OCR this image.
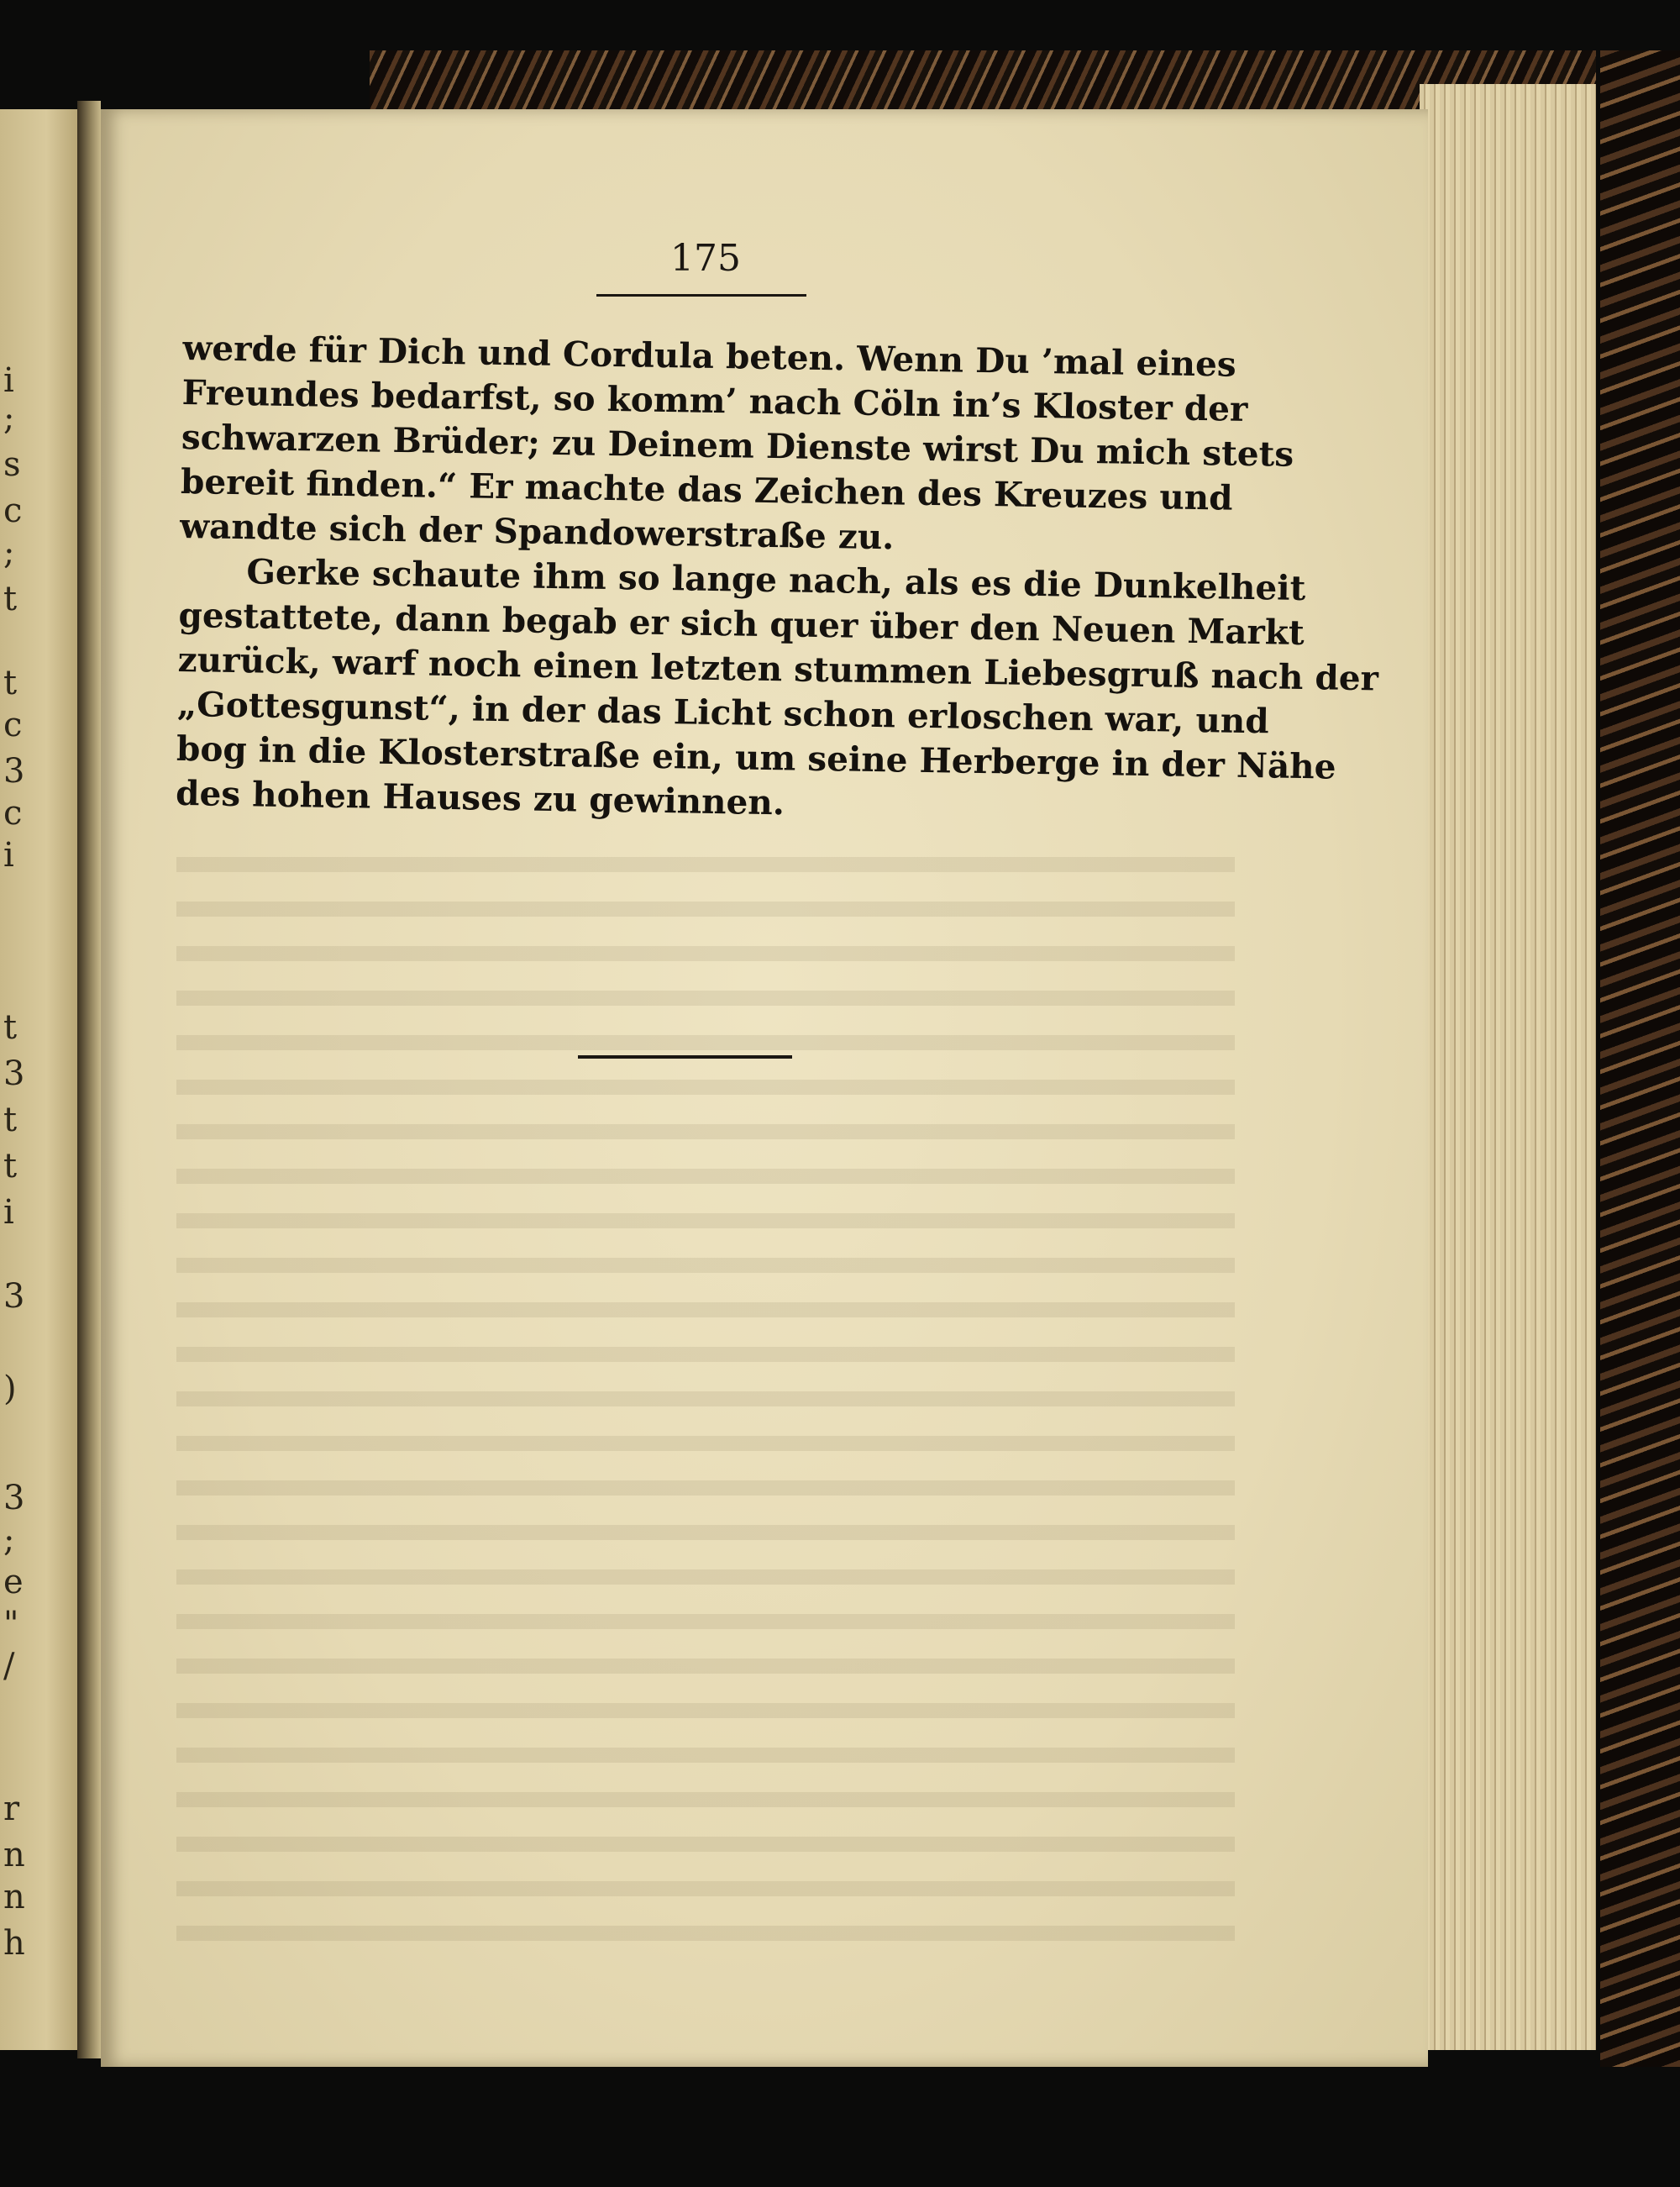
i
;
s
c
;
t
t
c
3
c
i
t
3
t
t
i
3
)
3
;
e
"
/
r
n
n
h
175
werde für Dich und Cordula beten. Wenn Du ’mal eines
Freundes bedarfst, so komm’ nach Cöln in’s Kloster der
schwarzen Brüder; zu Deinem Dienste wirst Du mich stets
bereit finden.“ Er machte das Zeichen des Kreuzes und
wandte sich der Spandowerstraße zu.
Gerke schaute ihm so lange nach, als es die Dunkelheit
gestattete, dann begab er sich quer über den Neuen Markt
zurück, warf noch einen letzten stummen Liebesgruß nach der
„Gottesgunst“, in der das Licht schon erloschen war, und
bog in die Klosterstraße ein, um seine Herberge in der Nähe
des hohen Hauses zu gewinnen.
